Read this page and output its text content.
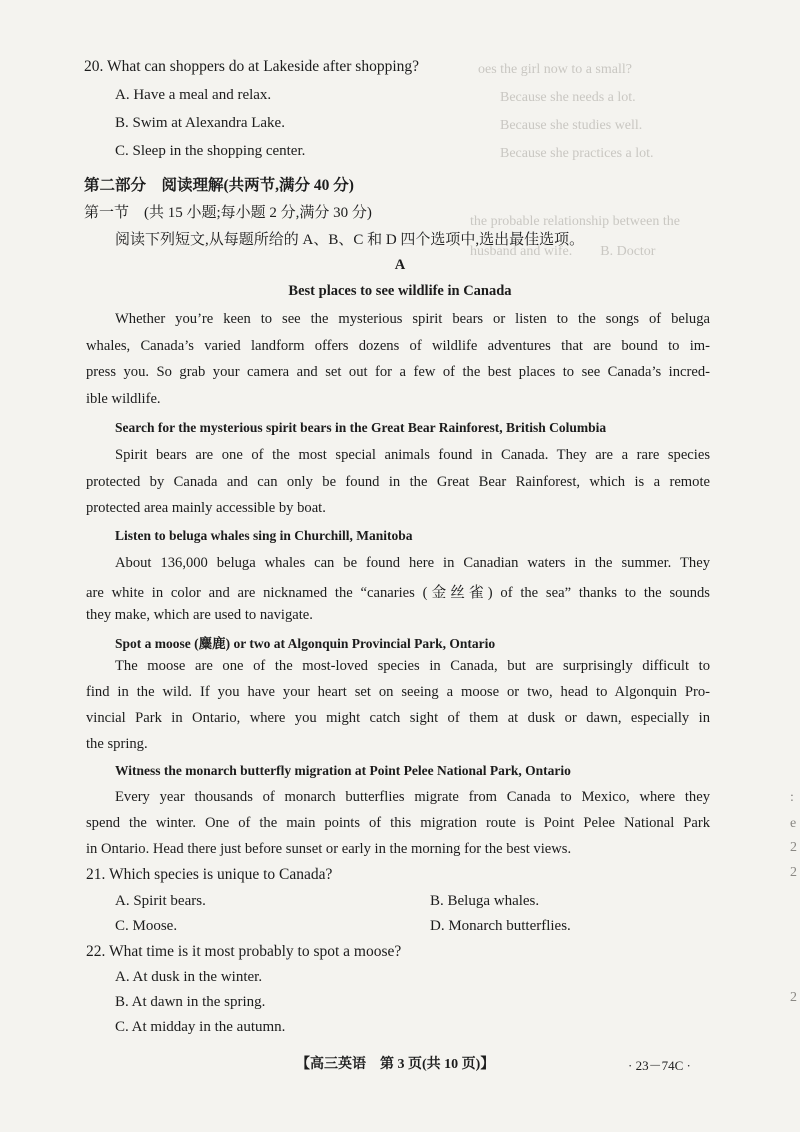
oes the girl now to a small?
Because she needs a lot.
Because she studies well.
Because she practices a lot.
the probable relationship between the
husband and wife.　　B. Doctor
20. What can shoppers do at Lakeside after shopping?
A. Have a meal and relax.
B. Swim at Alexandra Lake.
C. Sleep in the shopping center.
第二部分　阅读理解(共两节,满分 40 分)
第一节　(共 15 小题;每小题 2 分,满分 30 分)
阅读下列短文,从每题所给的 A、B、C 和 D 四个选项中,选出最佳选项。
A
Best places to see wildlife in Canada
Whether you’re keen to see the mysterious spirit bears or listen to the songs of beluga
whales, Canada’s varied landform offers dozens of wildlife adventures that are bound to im-
press you. So grab your camera and set out for a few of the best places to see Canada’s incred-
ible wildlife.
Search for the mysterious spirit bears in the Great Bear Rainforest, British Columbia
Spirit bears are one of the most special animals found in Canada. They are a rare species
protected by Canada and can only be found in the Great Bear Rainforest, which is a remote
protected area mainly accessible by boat.
Listen to beluga whales sing in Churchill, Manitoba
About 136,000 beluga whales can be found here in Canadian waters in the summer. They
are white in color and are nicknamed the “canaries (金丝雀) of the sea” thanks to the sounds
they make, which are used to navigate.
Spot a moose (麋鹿) or two at Algonquin Provincial Park, Ontario
The moose are one of the most-loved species in Canada, but are surprisingly difficult to
find in the wild. If you have your heart set on seeing a moose or two, head to Algonquin Pro-
vincial Park in Ontario, where you might catch sight of them at dusk or dawn, especially in
the spring.
Witness the monarch butterfly migration at Point Pelee National Park, Ontario
Every year thousands of monarch butterflies migrate from Canada to Mexico, where they
spend the winter. One of the main points of this migration route is Point Pelee National Park
in Ontario. Head there just before sunset or early in the morning for the best views.
21. Which species is unique to Canada?
A. Spirit bears.	B. Beluga whales.
C. Moose.	D. Monarch butterflies.
22. What time is it most probably to spot a moose?
A. At dusk in the winter.
B. At dawn in the spring.
C. At midday in the autumn.
【高三英语　第 3 页(共 10 页)】	· 23－74C ·
:
e
2
2
2
